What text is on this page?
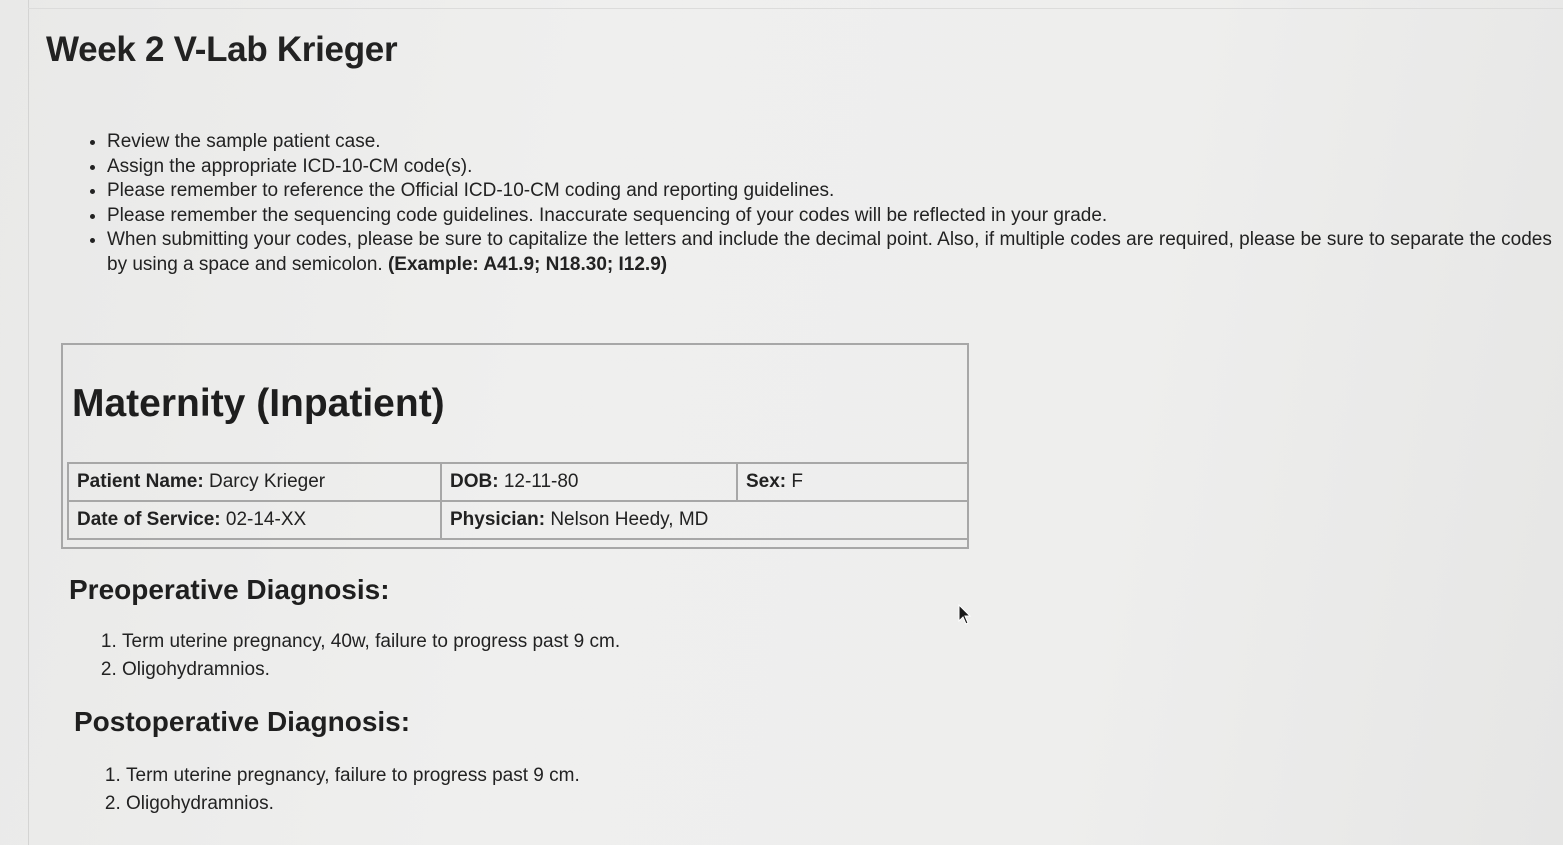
Week 2 V-Lab Krieger
• Review the sample patient case.
• Assign the appropriate ICD-10-CM code(s).
• Please remember to reference the Official ICD-10-CM coding and reporting guidelines.
• Please remember the sequencing code guidelines. Inaccurate sequencing of your codes will be reflected in your grade.
• When submitting your codes, please be sure to capitalize the letters and include the decimal point. Also, if multiple codes are required, please be sure to separate the codes by using a space and semicolon. (Example: A41.9; N18.30; I12.9)
Maternity (Inpatient)
Patient Name: Darcy Krieger	DOB: 12-11-80	Sex: F
Date of Service: 02-14-XX	Physician: Nelson Heedy, MD	
Preoperative Diagnosis:
1. Term uterine pregnancy, 40w, failure to progress past 9 cm.
2. Oligohydramnios.
Postoperative Diagnosis:
1. Term uterine pregnancy, failure to progress past 9 cm.
2. Oligohydramnios.
